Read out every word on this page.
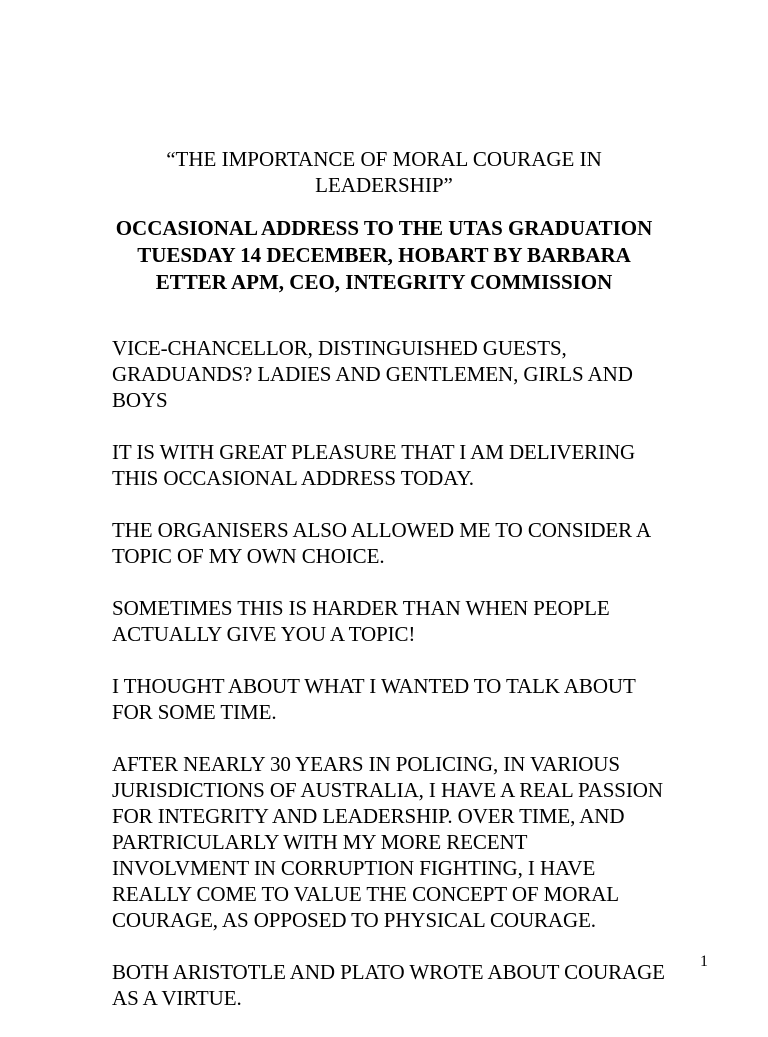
“THE IMPORTANCE OF MORAL COURAGE IN
LEADERSHIP”
OCCASIONAL ADDRESS TO THE UTAS GRADUATION
TUESDAY 14 DECEMBER, HOBART BY BARBARA
ETTER APM, CEO, INTEGRITY COMMISSION

VICE-CHANCELLOR, DISTINGUISHED GUESTS,
GRADUANDS? LADIES AND GENTLEMEN, GIRLS AND
BOYS

IT IS WITH GREAT PLEASURE THAT I AM DELIVERING
THIS OCCASIONAL ADDRESS TODAY.

THE ORGANISERS ALSO ALLOWED ME TO CONSIDER A
TOPIC OF MY OWN CHOICE.

SOMETIMES THIS IS HARDER THAN WHEN PEOPLE
ACTUALLY GIVE YOU A TOPIC!

I THOUGHT ABOUT WHAT I WANTED TO TALK ABOUT
FOR SOME TIME.

AFTER NEARLY 30 YEARS IN POLICING, IN VARIOUS
JURISDICTIONS OF AUSTRALIA, I HAVE A REAL PASSION
FOR INTEGRITY AND LEADERSHIP. OVER TIME, AND
PARTRICULARLY WITH MY MORE RECENT
INVOLVMENT IN CORRUPTION FIGHTING, I HAVE
REALLY COME TO VALUE THE CONCEPT OF MORAL
COURAGE, AS OPPOSED TO PHYSICAL COURAGE.

BOTH ARISTOTLE AND PLATO WROTE ABOUT COURAGE
AS A VIRTUE.

1
